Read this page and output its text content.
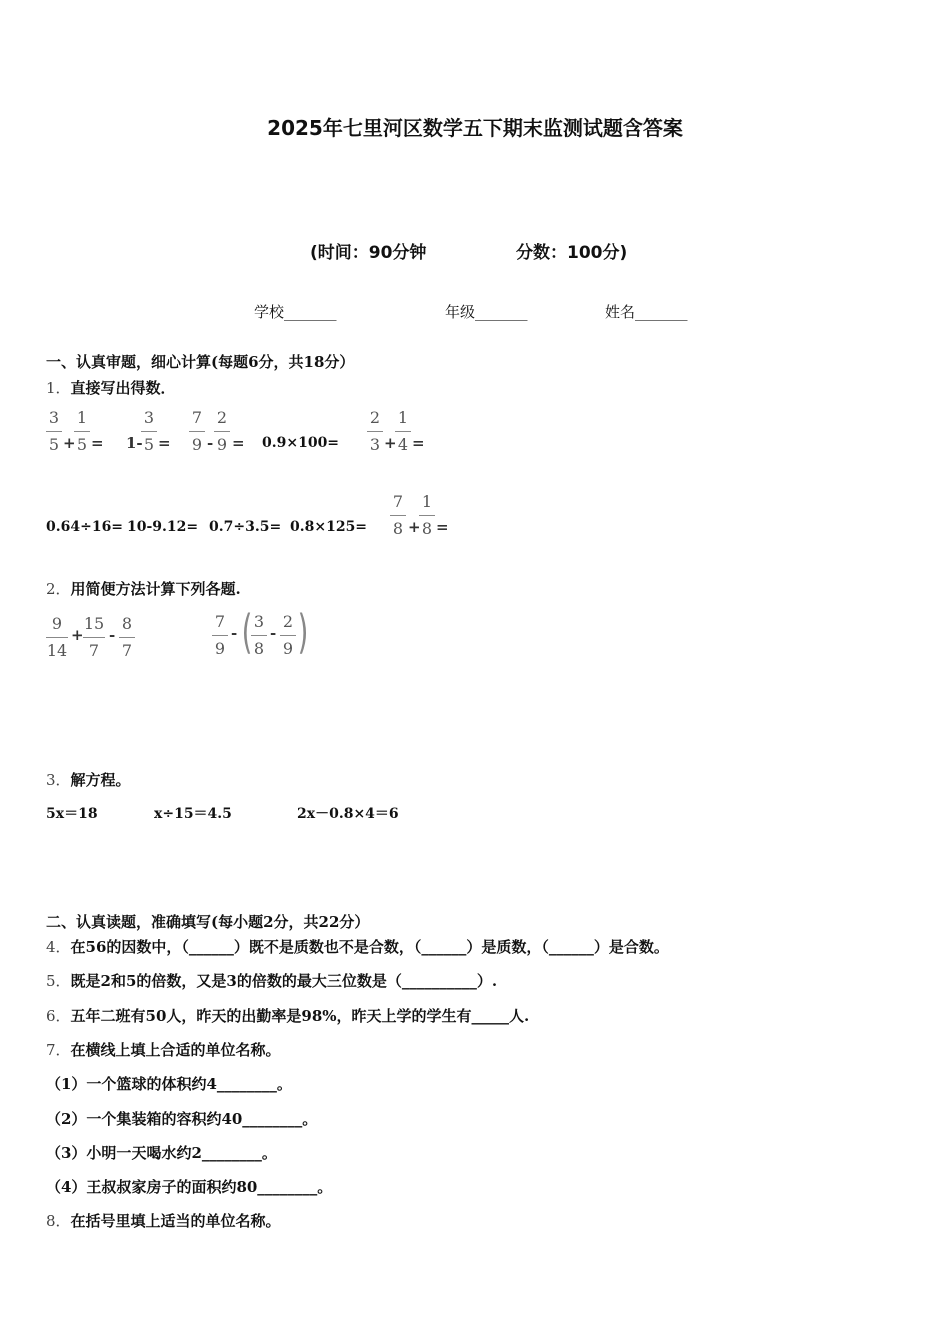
2025年七里河区数学五下期末监测试题含答案
(时间：90分钟	分数：100分)
学校_______	年级_______	姓名_______
一、认真审题，细心计算(每题6分，共18分）
1．直接写出得数．
3
5 +
1
5 = 1-
3
5 =
7
9 -
2
9 = 0.9×100=
2
3 +
1
4 =
0.64÷16= 10-9.12= 0.7÷3.5= 0.8×125=
7
8 +
1
8 =
2．用简便方法计算下列各题.
9
14
+
15
7
-
8
7
7
9
- ( 3
8
-
2
9 )
3．解方程。
5x＝18	x÷15＝4.5	2x－0.8×4＝6
二、认真读题，准确填写(每小题2分，共22分）
4．在56的因数中，（______）既不是质数也不是合数，（______）是质数，（______）是合数。
5．既是2和5的倍数，又是3的倍数的最大三位数是（__________）.
6．五年二班有50人，昨天的出勤率是98%，昨天上学的学生有_____人.
7．在横线上填上合适的单位名称。
（1）一个篮球的体积约4________。
（2）一个集装箱的容积约40________。
（3）小明一天喝水约2________。
（4）王叔叔家房子的面积约80________。
8．在括号里填上适当的单位名称。
